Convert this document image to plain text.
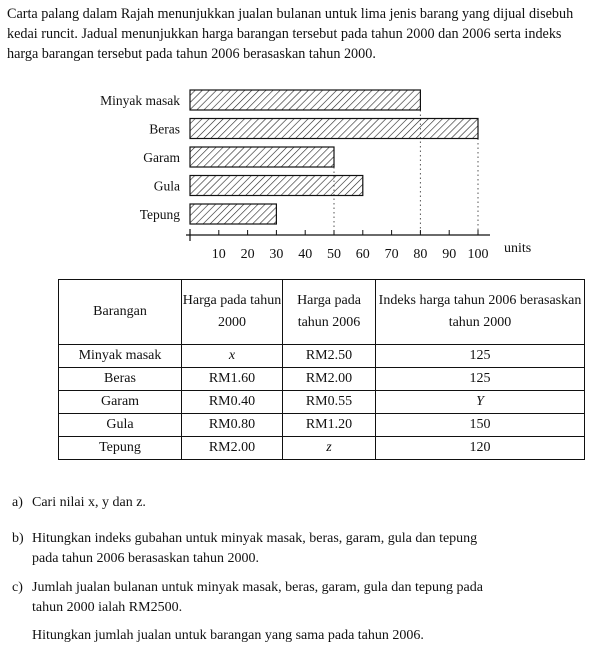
Carta palang dalam Rajah menunjukkan jualan bulanan untuk lima jenis barang yang dijual disebuh kedai runcit. Jadual menunjukkan harga barangan tersebut pada tahun 2000 dan 2006 serta indeks harga barangan tersebut pada tahun 2006 berasaskan tahun 2000.
Minyak masak
Beras
Garam
Gula
Tepung
10 20 30 40 50 60 70 80 90 100 units
Barangan	Harga pada tahun 2000	Harga pada tahun 2006	Indeks harga tahun 2006 berasaskan tahun 2000
Minyak masak	x	RM2.50	125
Beras	RM1.60	RM2.00	125
Garam	RM0.40	RM0.55	Y
Gula	RM0.80	RM1.20	150
Tepung	RM2.00	z	120
a) Cari nilai x, y dan z.
b) Hitungkan indeks gubahan untuk minyak masak, beras, garam, gula dan tepung pada tahun 2006 berasaskan tahun 2000.
c) Jumlah jualan bulanan untuk minyak masak, beras, garam, gula dan tepung pada tahun 2000 ialah RM2500.
Hitungkan jumlah jualan untuk barangan yang sama pada tahun 2006.
